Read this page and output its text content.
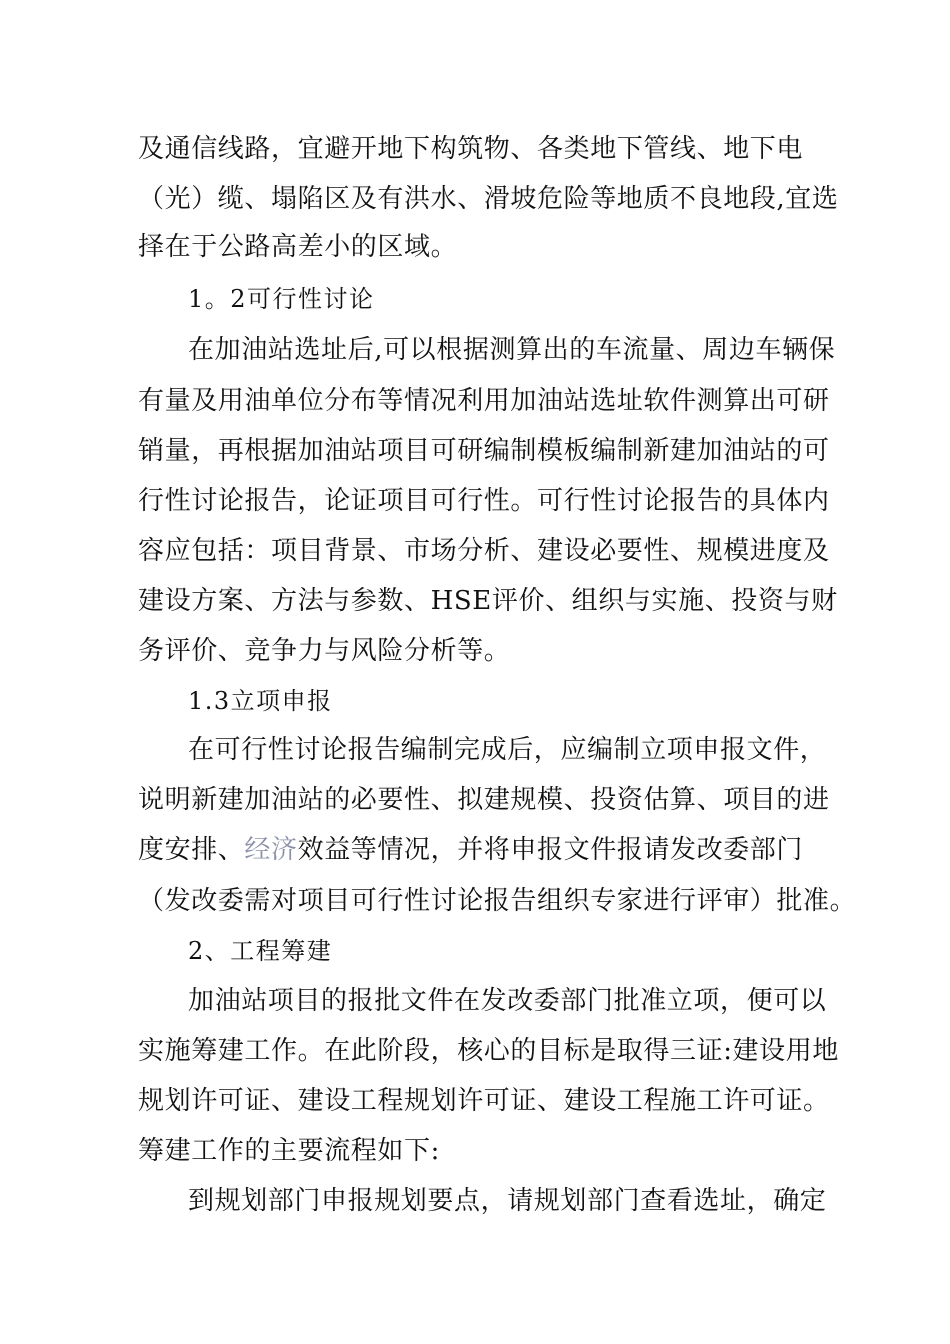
及通信线路，宜避开地下构筑物、各类地下管线、地下电
（光）缆、塌陷区及有洪水、滑坡危险等地质不良地段,宜选
择在于公路高差小的区域。
1。2可行性讨论
在加油站选址后,可以根据测算出的车流量、周边车辆保
有量及用油单位分布等情况利用加油站选址软件测算出可研
销量，再根据加油站项目可研编制模板编制新建加油站的可
行性讨论报告，论证项目可行性。可行性讨论报告的具体内
容应包括：项目背景、市场分析、建设必要性、规模进度及
建设方案、方法与参数、HSE评价、组织与实施、投资与财
务评价、竞争力与风险分析等。
1.3立项申报
在可行性讨论报告编制完成后，应编制立项申报文件，
说明新建加油站的必要性、拟建规模、投资估算、项目的进
度安排、经济效益等情况，并将申报文件报请发改委部门
（发改委需对项目可行性讨论报告组织专家进行评审）批准。
2、工程筹建
加油站项目的报批文件在发改委部门批准立项，便可以
实施筹建工作。在此阶段，核心的目标是取得三证:建设用地
规划许可证、建设工程规划许可证、建设工程施工许可证。
筹建工作的主要流程如下:
到规划部门申报规划要点，请规划部门查看选址，确定
